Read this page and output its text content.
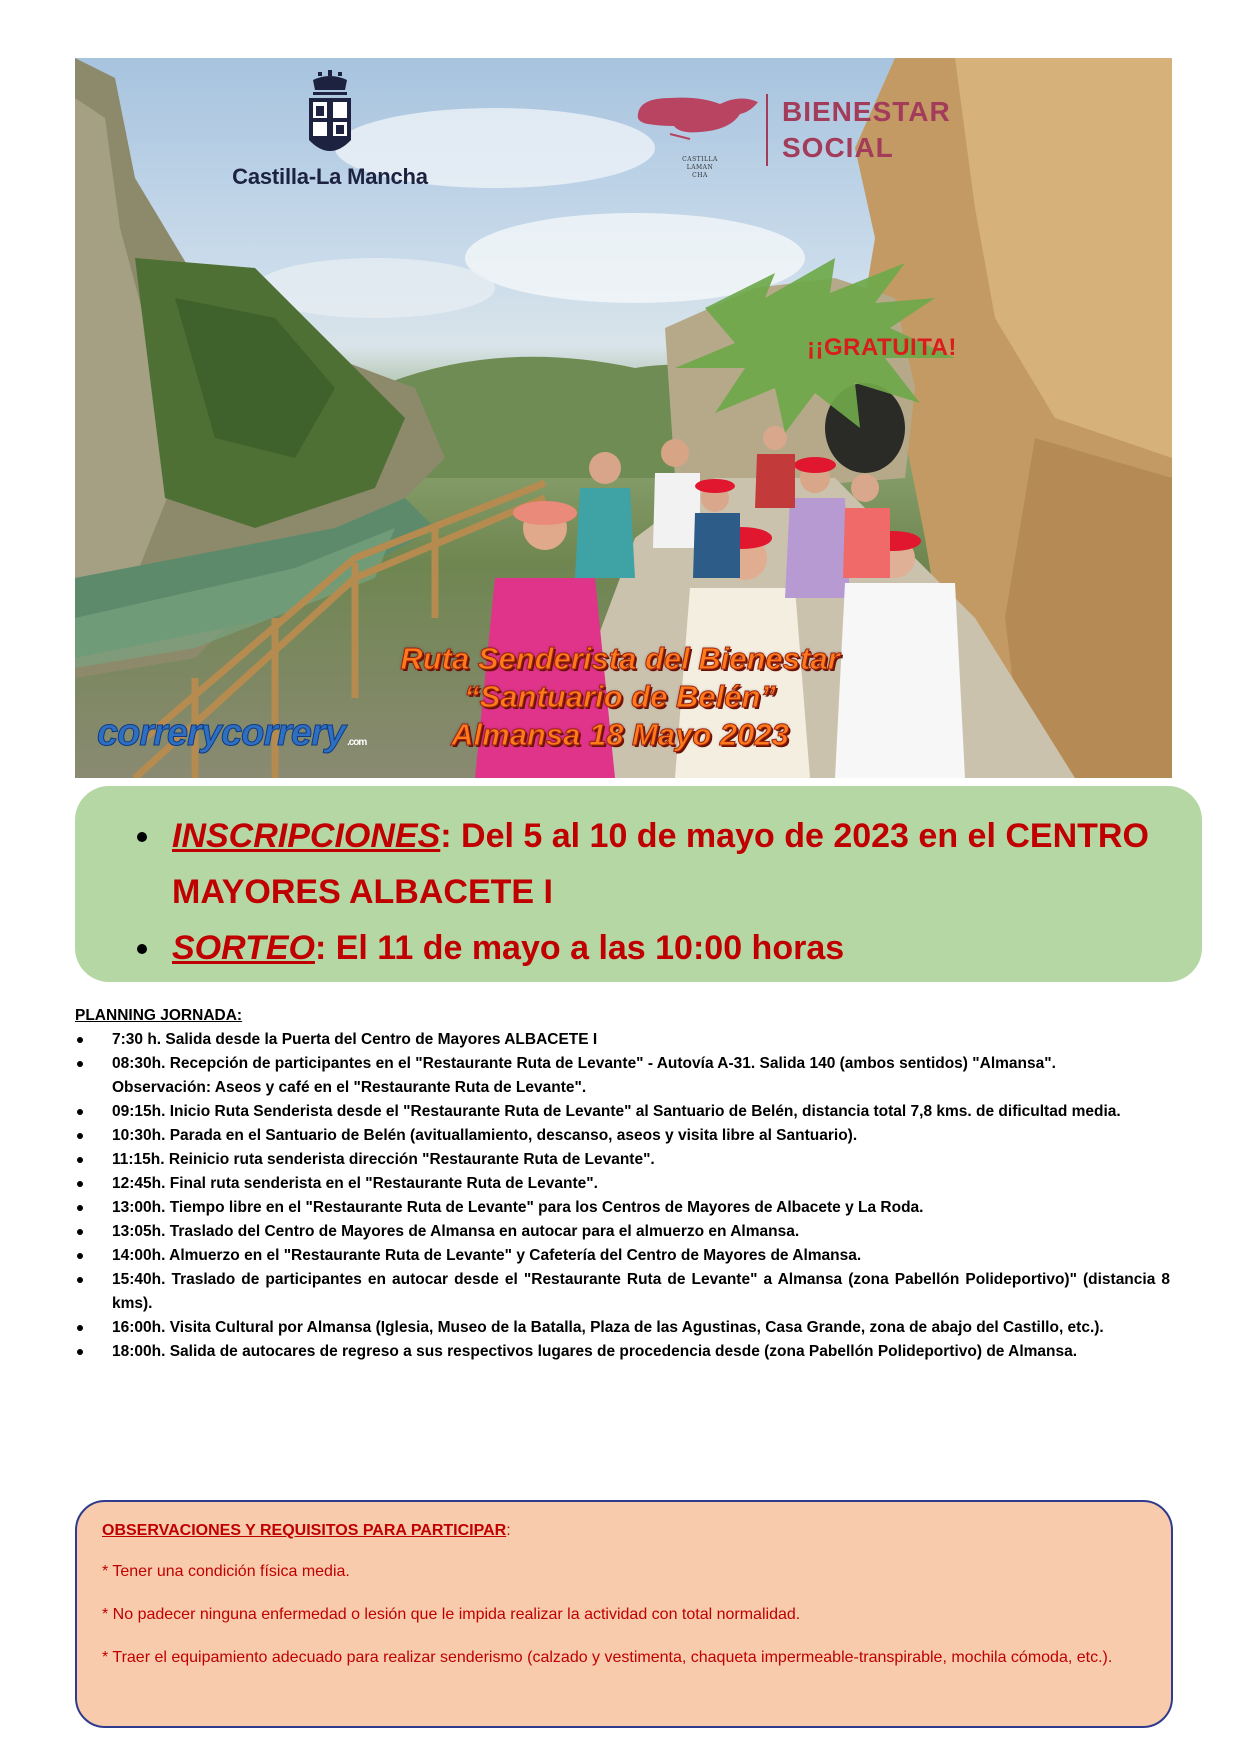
Castilla-La Mancha
CASTILLA
LAMAN
CHA
BIENESTAR
SOCIAL
¡¡GRATUITA!
Ruta Senderista del Bienestar
“Santuario de Belén”
Almansa 18 Mayo 2023
correrycorrery .com
INSCRIPCIONES: Del 5 al 10 de mayo de 2023 en el CENTRO MAYORES ALBACETE I
SORTEO: El 11 de mayo a las 10:00 horas
PLANNING JORNADA:
7:30 h. Salida desde la Puerta del Centro de Mayores ALBACETE I
08:30h. Recepción de participantes en el "Restaurante Ruta de Levante" - Autovía A-31. Salida 140 (ambos sentidos) "Almansa".
Observación: Aseos y café en el "Restaurante Ruta de Levante".
09:15h. Inicio Ruta Senderista desde el "Restaurante Ruta de Levante" al Santuario de Belén, distancia total 7,8 kms. de dificultad media.
10:30h. Parada en el Santuario de Belén (avituallamiento, descanso, aseos y visita libre al Santuario).
11:15h. Reinicio ruta senderista dirección "Restaurante Ruta de Levante".
12:45h. Final ruta senderista en el "Restaurante Ruta de Levante".
13:00h. Tiempo libre en el "Restaurante Ruta de Levante" para los Centros de Mayores de Albacete y La Roda.
13:05h. Traslado del Centro de Mayores de Almansa en autocar para el almuerzo en Almansa.
14:00h. Almuerzo en el "Restaurante Ruta de Levante" y Cafetería del Centro de Mayores de Almansa.
15:40h. Traslado de participantes en autocar desde el "Restaurante Ruta de Levante" a Almansa (zona Pabellón Polideportivo)" (distancia 8 kms).
16:00h. Visita Cultural por Almansa (Iglesia, Museo de la Batalla, Plaza de las Agustinas, Casa Grande, zona de abajo del Castillo, etc.).
18:00h. Salida de autocares de regreso a sus respectivos lugares de procedencia desde (zona Pabellón Polideportivo) de Almansa.
OBSERVACIONES Y REQUISITOS PARA PARTICIPAR:

* Tener una condición física media.

* No padecer ninguna enfermedad o lesión que le impida realizar la actividad con total normalidad.

* Traer el equipamiento adecuado para realizar senderismo (calzado y vestimenta, chaqueta impermeable-transpirable, mochila cómoda, etc.).
